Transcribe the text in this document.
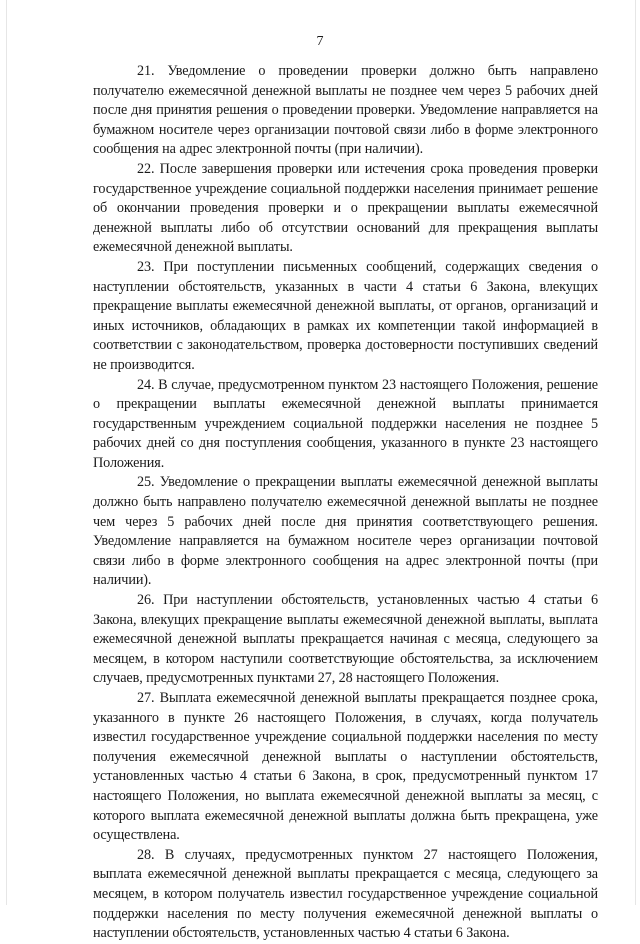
7

21. Уведомление о проведении проверки должно быть направлено получателю ежемесячной денежной выплаты не позднее чем через 5 рабочих дней после дня принятия решения о проведении проверки. Уведомление направляется на бумажном носителе через организации почтовой связи либо в форме электронного сообщения на адрес электронной почты (при наличии).

22. После завершения проверки или истечения срока проведения проверки государственное учреждение социальной поддержки населения принимает решение об окончании проведения проверки и о прекращении выплаты ежемесячной денежной выплаты либо об отсутствии оснований для прекращения выплаты ежемесячной денежной выплаты.

23. При поступлении письменных сообщений, содержащих сведения о наступлении обстоятельств, указанных в части 4 статьи 6 Закона, влекущих прекращение выплаты ежемесячной денежной выплаты, от органов, организаций и иных источников, обладающих в рамках их компетенции такой информацией в соответствии с законодательством, проверка достоверности поступивших сведений не производится.

24. В случае, предусмотренном пунктом 23 настоящего Положения, решение о прекращении выплаты ежемесячной денежной выплаты принимается государственным учреждением социальной поддержки населения не позднее 5 рабочих дней со дня поступления сообщения, указанного в пункте 23 настоящего Положения.

25. Уведомление о прекращении выплаты ежемесячной денежной выплаты должно быть направлено получателю ежемесячной денежной выплаты не позднее чем через 5 рабочих дней после дня принятия соответствующего решения. Уведомление направляется на бумажном носителе через организации почтовой связи либо в форме электронного сообщения на адрес электронной почты (при наличии).

26. При наступлении обстоятельств, установленных частью 4 статьи 6 Закона, влекущих прекращение выплаты ежемесячной денежной выплаты, выплата ежемесячной денежной выплаты прекращается начиная с месяца, следующего за месяцем, в котором наступили соответствующие обстоятельства, за исключением случаев, предусмотренных пунктами 27, 28 настоящего Положения.

27. Выплата ежемесячной денежной выплаты прекращается позднее срока, указанного в пункте 26 настоящего Положения, в случаях, когда получатель известил государственное учреждение социальной поддержки населения по месту получения ежемесячной денежной выплаты о наступлении обстоятельств, установленных частью 4 статьи 6 Закона, в срок, предусмотренный пунктом 17 настоящего Положения, но выплата ежемесячной денежной выплаты за месяц, с которого выплата ежемесячной денежной выплаты должна быть прекращена, уже осуществлена.

28. В случаях, предусмотренных пунктом 27 настоящего Положения, выплата ежемесячной денежной выплаты прекращается с месяца, следующего за месяцем, в котором получатель известил государственное учреждение социальной поддержки населения по месту получения ежемесячной денежной выплаты о наступлении обстоятельств, установленных частью 4 статьи 6 Закона.
